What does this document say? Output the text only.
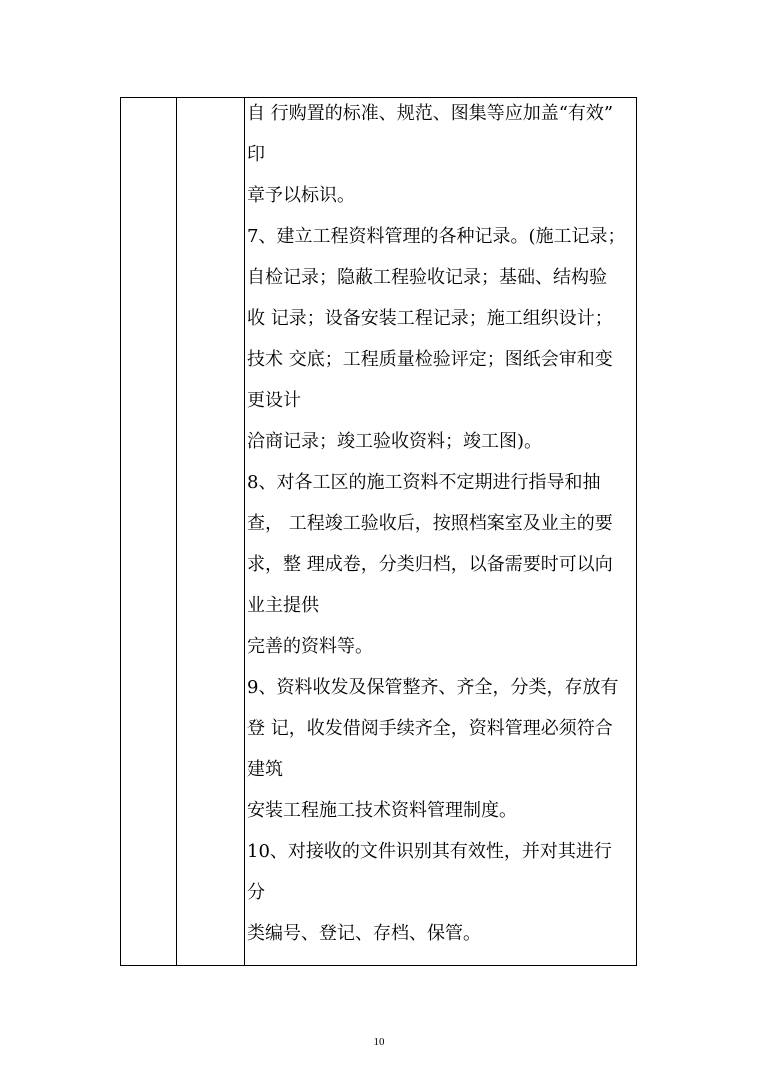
自 行购置的标准、规范、图集等应加盖“有效”
印
章予以标识。
7、建立工程资料管理的各种记录。(施工记录；
自检记录；隐蔽工程验收记录；基础、结构验
收 记录；设备安装工程记录；施工组织设计；
技术 交底；工程质量检验评定；图纸会审和变
更设计
洽商记录；竣工验收资料；竣工图)。
8、对各工区的施工资料不定期进行指导和抽
查， 工程竣工验收后，按照档案室及业主的要
求，整 理成卷，分类归档，以备需要时可以向
业主提供
完善的资料等。
9、资料收发及保管整齐、齐全，分类，存放有
登 记，收发借阅手续齐全，资料管理必须符合
建筑
安装工程施工技术资料管理制度。
10、对接收的文件识别其有效性，并对其进行
分
类编号、登记、存档、保管。
10
